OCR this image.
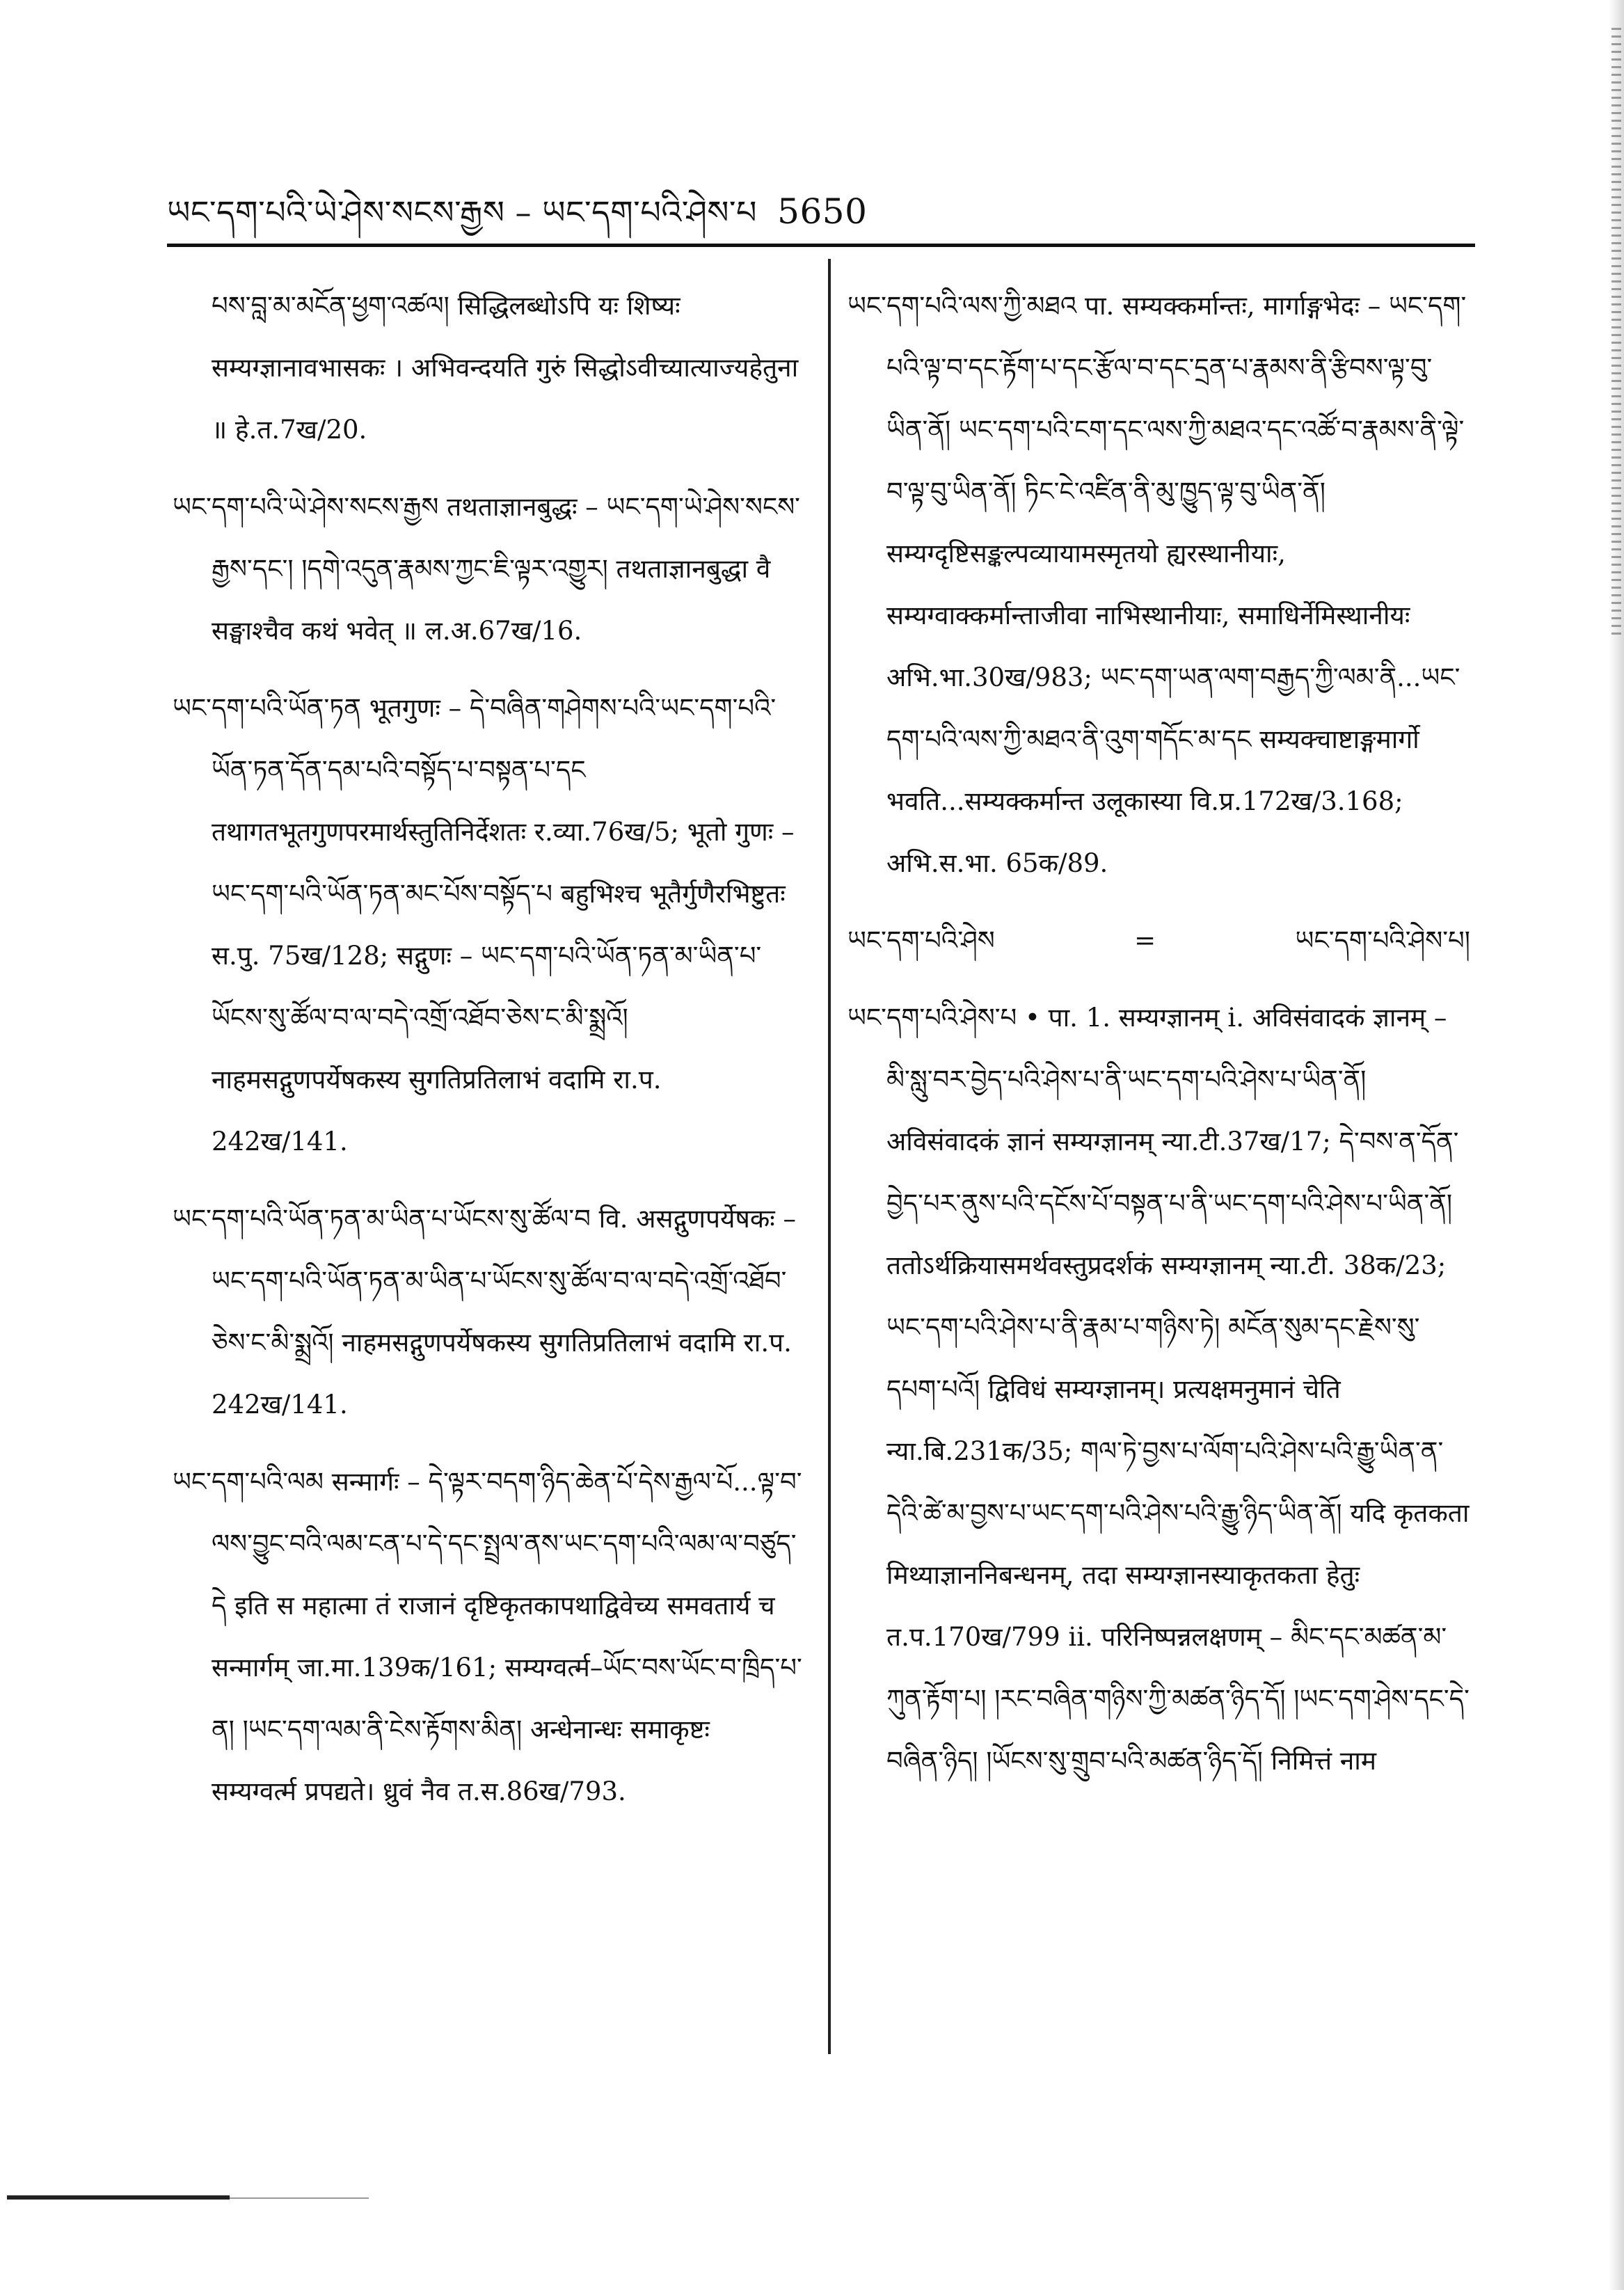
ཡང་དག་པའི་ཡེ་ཤེས་སངས་རྒྱས – ཡང་དག་པའི་ཤེས་པ 5650

པས་བླ་མ་མངོན་ཕྱག་འཚལ། सिद्धिलब्धोऽपि यः शिष्यः सम्यग्ज्ञानावभासकः । अभिवन्दयति गुरुं सिद्धोऽवीच्यात्याज्यहेतुना ॥ हे.त.7ख/20.

ཡང་དག་པའི་ཡེ་ཤེས་སངས་རྒྱས तथताज्ञानबुद्धः – ཡང་དག་ཡེ་ཤེས་སངས་རྒྱས་དང་། །དགེ་འདུན་རྣམས་ཀྱང་ཇི་ལྟར་འགྱུར། तथताज्ञानबुद्धा वै सङ्घाश्चैव कथं भवेत् ॥ ल.अ.67ख/16.

ཡང་དག་པའི་ཡོན་ཏན भूतगुणः – དེ་བཞིན་གཤེགས་པའི་ཡང་དག་པའི་ཡོན་ཏན་དོན་དམ་པའི་བསྟོད་པ་བསྟན་པ་དང तथागतभूतगुणपरमार्थस्तुतिनिर्देशतः र.व्या.76ख/5; भूतो गुणः – ཡང་དག་པའི་ཡོན་ཏན་མང་པོས་བསྟོད་པ बहुभिश्च भूतैर्गुणैरभिष्टुतः स.पु. 75ख/128; सद्गुणः – ཡང་དག་པའི་ཡོན་ཏན་མ་ཡིན་པ་ཡོངས་སུ་ཚོལ་བ་ལ་བདེ་འགྲོ་འཐོབ་ཅེས་ང་མི་སྨྲའོ། नाहमसद्गुणपर्येषकस्य सुगतिप्रतिलाभं वदामि रा.प. 242ख/141.

ཡང་དག་པའི་ཡོན་ཏན་མ་ཡིན་པ་ཡོངས་སུ་ཚོལ་བ वि. असद्गुणपर्येषकः – ཡང་དག་པའི་ཡོན་ཏན་མ་ཡིན་པ་ཡོངས་སུ་ཚོལ་བ་ལ་བདེ་འགྲོ་འཐོབ་ཅེས་ང་མི་སྨྲའོ། नाहमसद्गुणपर्येषकस्य सुगतिप्रतिलाभं वदामि रा.प. 242ख/141.

ཡང་དག་པའི་ལམ सन्मार्गः – དེ་ལྟར་བདག་ཉིད་ཆེན་པོ་དེས་རྒྱལ་པོ...ལྟ་བ་ལས་བྱུང་བའི་ལམ་ངན་པ་དེ་དང་སྤྲལ་ནས་ཡང་དག་པའི་ལམ་ལ་བཙུད་དེ इति स महात्मा तं राजानं दृष्टिकृतकापथाद्विवेच्य समवतार्य च सन्मार्गम् जा.मा.139क/161; सम्यग्वर्त्म–ཡོང་བས་ཡོང་བ་ཁྲིད་པ་ན། །ཡང་དག་ལམ་ནི་ངེས་རྟོགས་མིན། अन्धेनान्धः समाकृष्टः सम्यग्वर्त्म प्रपद्यते। ध्रुवं नैव त.स.86ख/793.

ཡང་དག་པའི་ལས་ཀྱི་མཐའ पा. सम्यक्कर्मान्तः, मार्गाङ्गभेदः – ཡང་དག་པའི་ལྟ་བ་དང་རྟོག་པ་དང་རྩོལ་བ་དང་དྲན་པ་རྣམས་ནི་རྩིབས་ལྟ་བུ་ཡིན་ནོ། ཡང་དག་པའི་ངག་དང་ལས་ཀྱི་མཐའ་དང་འཚོ་བ་རྣམས་ནི་ལྟེ་བ་ལྟ་བུ་ཡིན་ནོ། ཏིང་ངེ་འཛིན་ནི་མུ་ཁྱུད་ལྟ་བུ་ཡིན་ནོ། सम्यग्दृष्टिसङ्कल्पव्यायामस्मृतयो ह्यरस्थानीयाः, सम्यग्वाक्कर्मान्ताजीवा नाभिस्थानीयाः, समाधिर्नेमिस्थानीयः अभि.भा.30ख/983; ཡང་དག་ཡན་ལག་བརྒྱད་ཀྱི་ལམ་ནི...ཡང་དག་པའི་ལས་ཀྱི་མཐའ་ནི་འུག་གདོང་མ་དང सम्यक्चाष्टाङ्गमार्गो भवति...सम्यक्कर्मान्त उलूकास्या वि.प्र.172ख/3.168; अभि.स.भा. 65क/89.

ཡང་དག་པའི་ཤེས	=	ཡང་དག་པའི་ཤེས་པ།

ཡང་དག་པའི་ཤེས་པ • पा. 1. सम्यग्ज्ञानम् i. अविसंवादकं ज्ञानम् – མི་སླུ་བར་བྱེད་པའི་ཤེས་པ་ནི་ཡང་དག་པའི་ཤེས་པ་ཡིན་ནོ། अविसंवादकं ज्ञानं सम्यग्ज्ञानम् न्या.टी.37ख/17; དེ་བས་ན་དོན་བྱེད་པར་ནུས་པའི་དངོས་པོ་བསྟན་པ་ནི་ཡང་དག་པའི་ཤེས་པ་ཡིན་ནོ། ततोऽर्थक्रियासमर्थवस्तुप्रदर्शकं सम्यग्ज्ञानम् न्या.टी. 38क/23; ཡང་དག་པའི་ཤེས་པ་ནི་རྣམ་པ་གཉིས་ཏེ། མངོན་སུམ་དང་རྗེས་སུ་དཔག་པའོ། द्विविधं सम्यग्ज्ञानम्। प्रत्यक्षमनुमानं चेति न्या.बि.231क/35; གལ་ཏེ་བྱས་པ་ལོག་པའི་ཤེས་པའི་རྒྱུ་ཡིན་ན་དེའི་ཚེ་མ་བྱས་པ་ཡང་དག་པའི་ཤེས་པའི་རྒྱུ་ཉིད་ཡིན་ནོ། यदि कृतकता मिथ्याज्ञाननिबन्धनम्, तदा सम्यग्ज्ञानस्याकृतकता हेतुः त.प.170ख/799 ii. परिनिष्पन्नलक्षणम् – མིང་དང་མཚན་མ་ཀུན་རྟོག་པ། །རང་བཞིན་གཉིས་ཀྱི་མཚན་ཉིད་དོ། །ཡང་དག་ཤེས་དང་དེ་བཞིན་ཉིད། །ཡོངས་སུ་གྲུབ་པའི་མཚན་ཉིད་དོ། निमित्तं नाम
